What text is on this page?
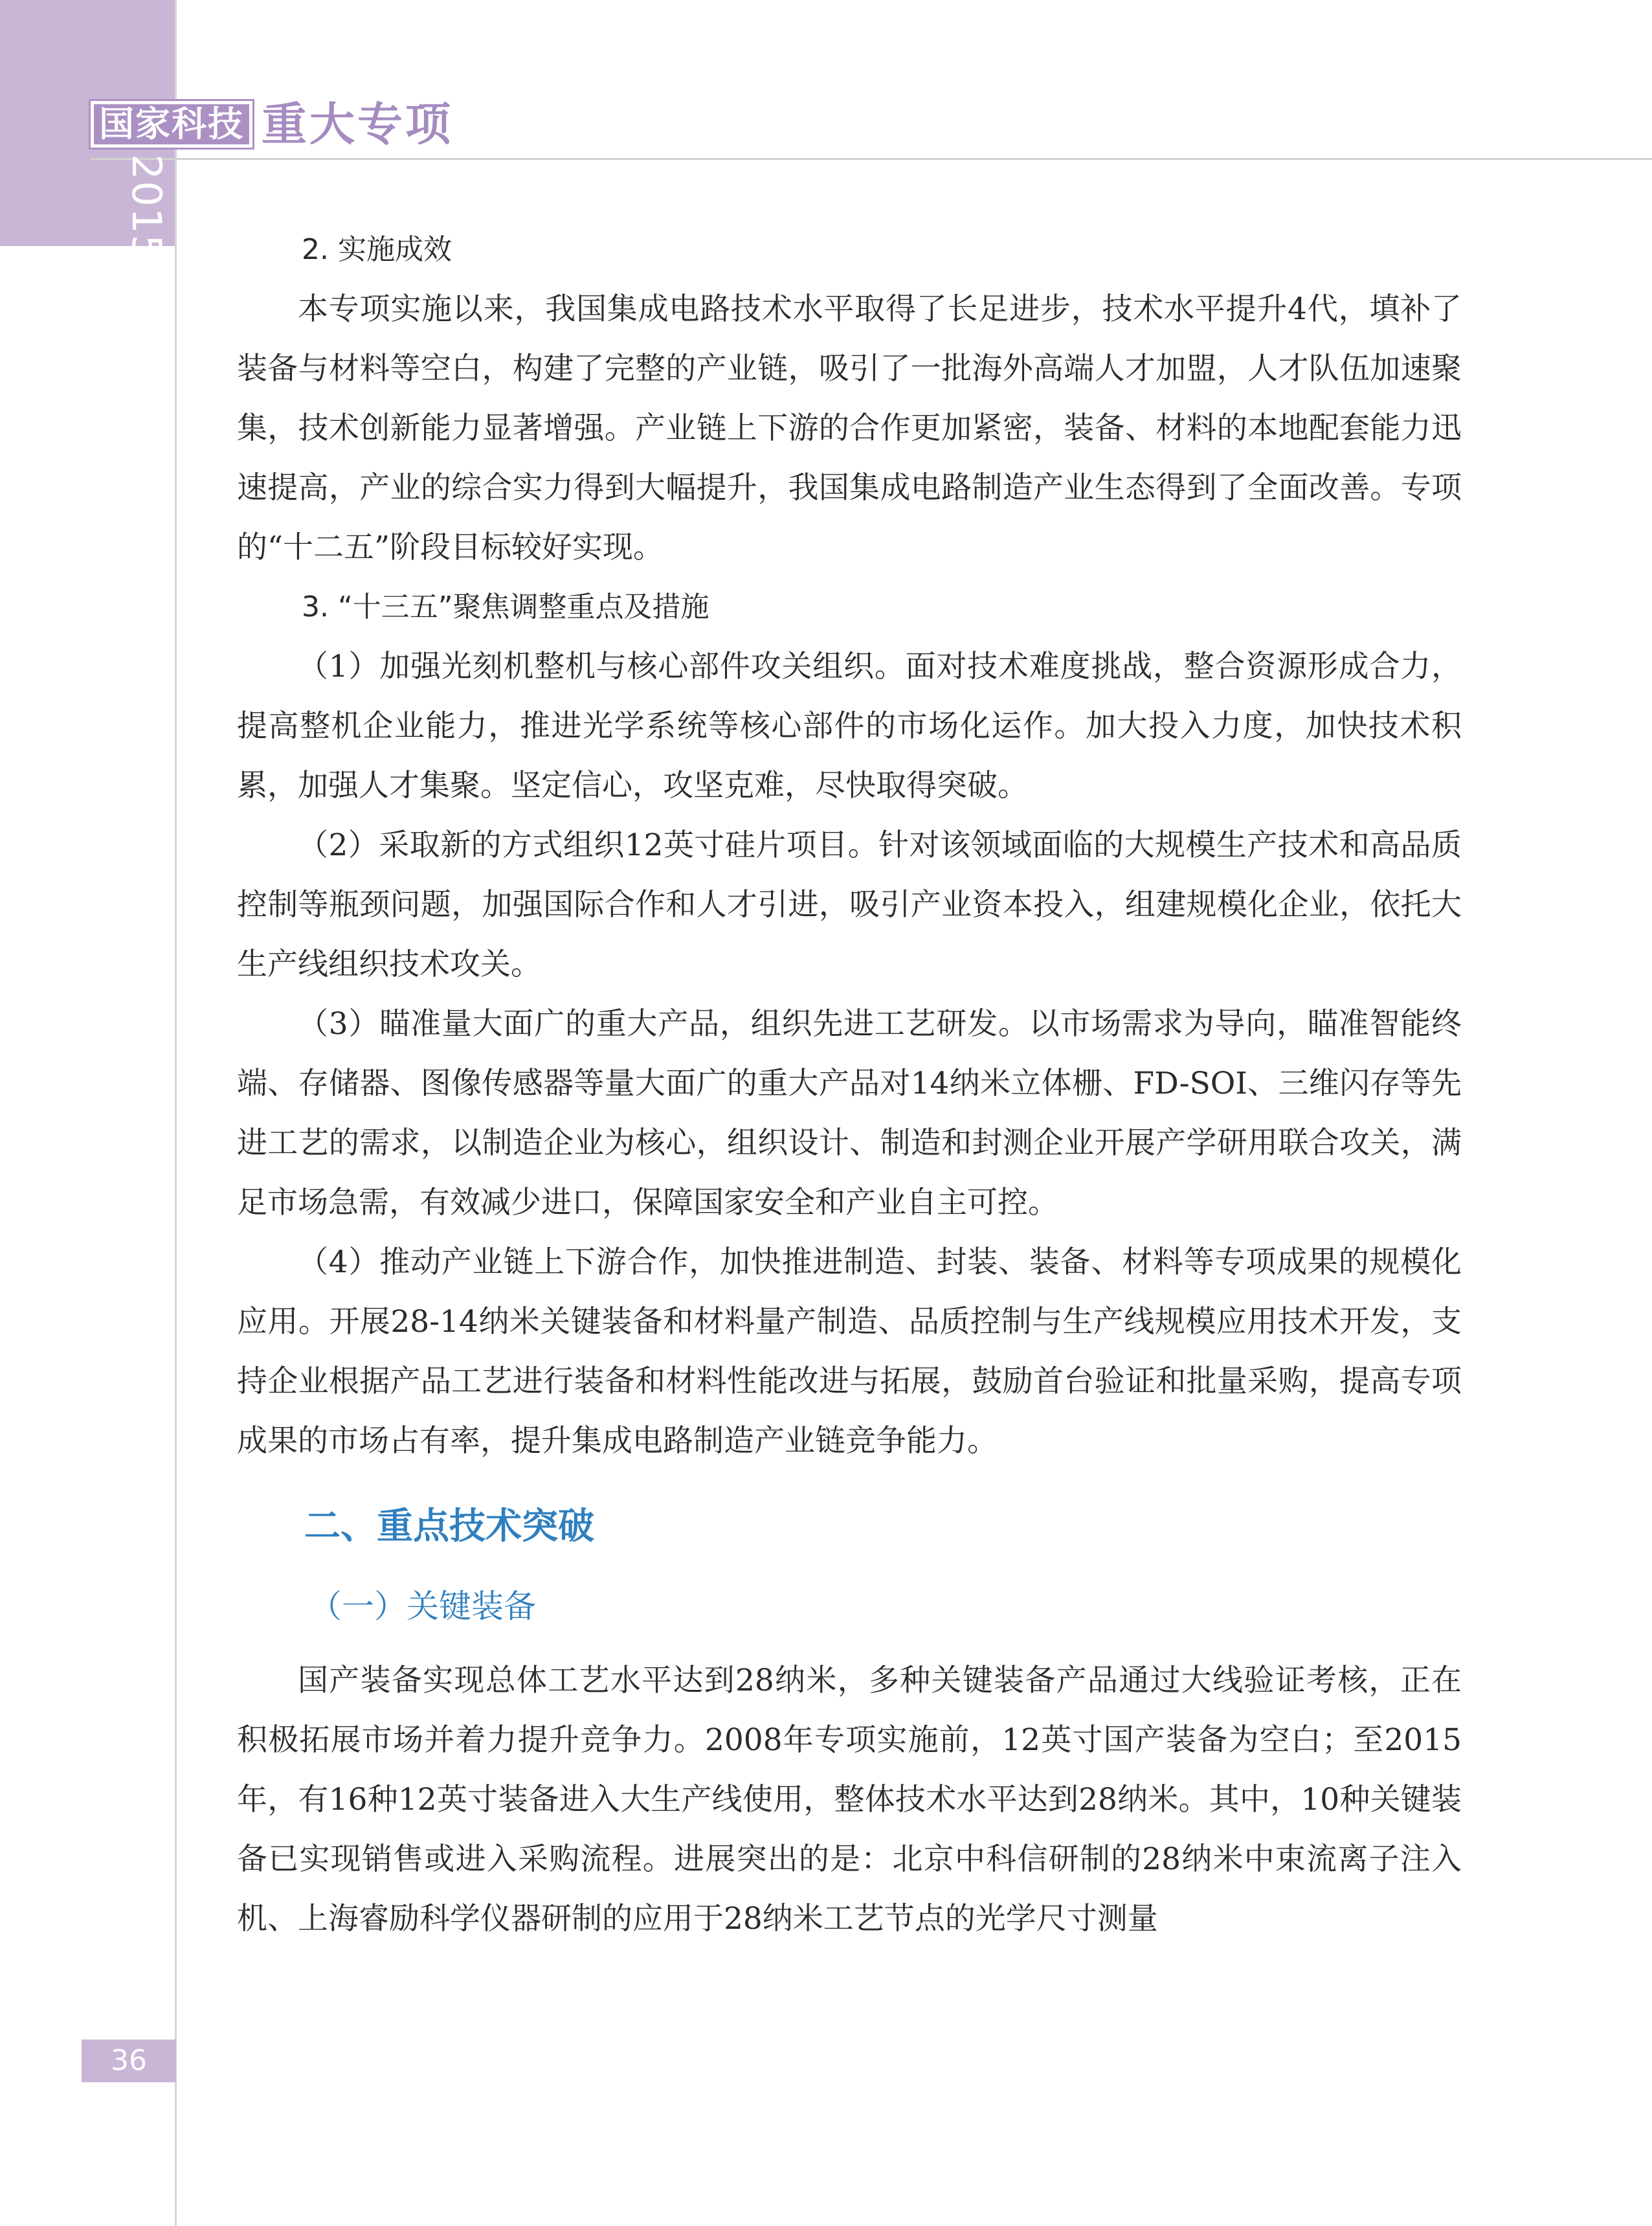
国家科技 重大专项
2015 年度报告	2. 实施成效

本专项实施以来，我国集成电路技术水平取得了长足进步，技术水平提升4代，填补了装备与材料等空白，构建了完整的产业链，吸引了一批海外高端人才加盟，人才队伍加速聚集，技术创新能力显著增强。产业链上下游的合作更加紧密，装备、材料的本地配套能力迅速提高，产业的综合实力得到大幅提升，我国集成电路制造产业生态得到了全面改善。专项的“十二五”阶段目标较好实现。

3. “十三五”聚焦调整重点及措施

（1）加强光刻机整机与核心部件攻关组织。面对技术难度挑战，整合资源形成合力，提高整机企业能力，推进光学系统等核心部件的市场化运作。加大投入力度，加快技术积累，加强人才集聚。坚定信心，攻坚克难，尽快取得突破。

（2）采取新的方式组织12英寸硅片项目。针对该领域面临的大规模生产技术和高品质控制等瓶颈问题，加强国际合作和人才引进，吸引产业资本投入，组建规模化企业，依托大生产线组织技术攻关。

（3）瞄准量大面广的重大产品，组织先进工艺研发。以市场需求为导向，瞄准智能终端、存储器、图像传感器等量大面广的重大产品对14纳米立体栅、FD-SOI、三维闪存等先进工艺的需求，以制造企业为核心，组织设计、制造和封测企业开展产学研用联合攻关，满足市场急需，有效减少进口，保障国家安全和产业自主可控。

（4）推动产业链上下游合作，加快推进制造、封装、装备、材料等专项成果的规模化应用。开展28-14纳米关键装备和材料量产制造、品质控制与生产线规模应用技术开发，支持企业根据产品工艺进行装备和材料性能改进与拓展，鼓励首台验证和批量采购，提高专项成果的市场占有率，提升集成电路制造产业链竞争能力。

二、重点技术突破
（一）关键装备

国产装备实现总体工艺水平达到28纳米，多种关键装备产品通过大线验证考核，正在积极拓展市场并着力提升竞争力。2008年专项实施前，12英寸国产装备为空白；至2015年，有16种12英寸装备进入大生产线使用，整体技术水平达到28纳米。其中，10种关键装备已实现销售或进入采购流程。进展突出的是：北京中科信研制的28纳米中束流离子注入机、上海睿励科学仪器研制的应用于28纳米工艺节点的光学尺寸测量

36
